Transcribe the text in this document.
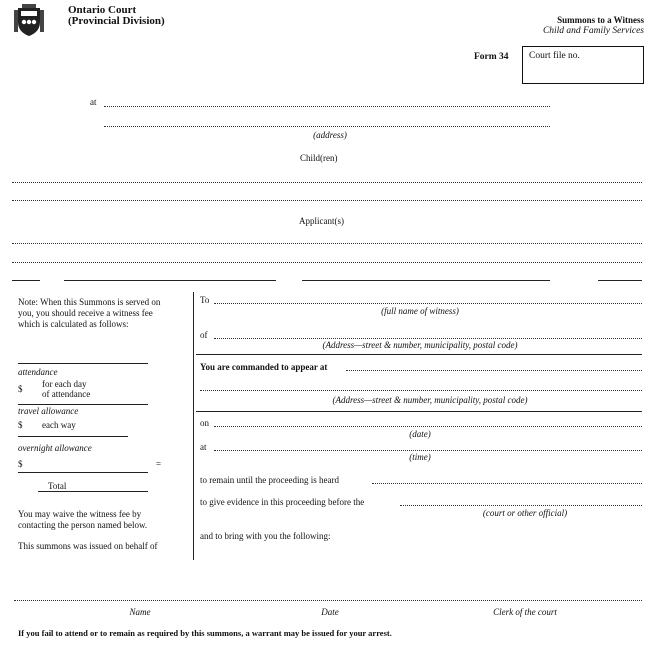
Ontario Court
(Provincial Division)	Summons to a Witness
Child and Family Services
Form 34 Court file no.
at
(address)
Child(ren)
Applicant(s)
Note: When this Summons is served on
you, you should receive a witness fee
which is calculated as follows:
attendance
$ for each day
of attendance
travel allowance
$ each way
overnight allowance
$	=
Total
You may waive the witness fee by
contacting the person named below.
This summons was issued on behalf of
To
(full name of witness)
of
(Address—street & number, municipality, postal code)
You are commanded to appear at
(Address—street & number, municipality, postal code)
on
(date)
at
(time)
to remain until the proceeding is heard
to give evidence in this proceeding before the
(court or other official)
and to bring with you the following:
Name	Date	Clerk of the court
If you fail to attend or to remain as required by this summons, a warrant may be issued for your arrest.
